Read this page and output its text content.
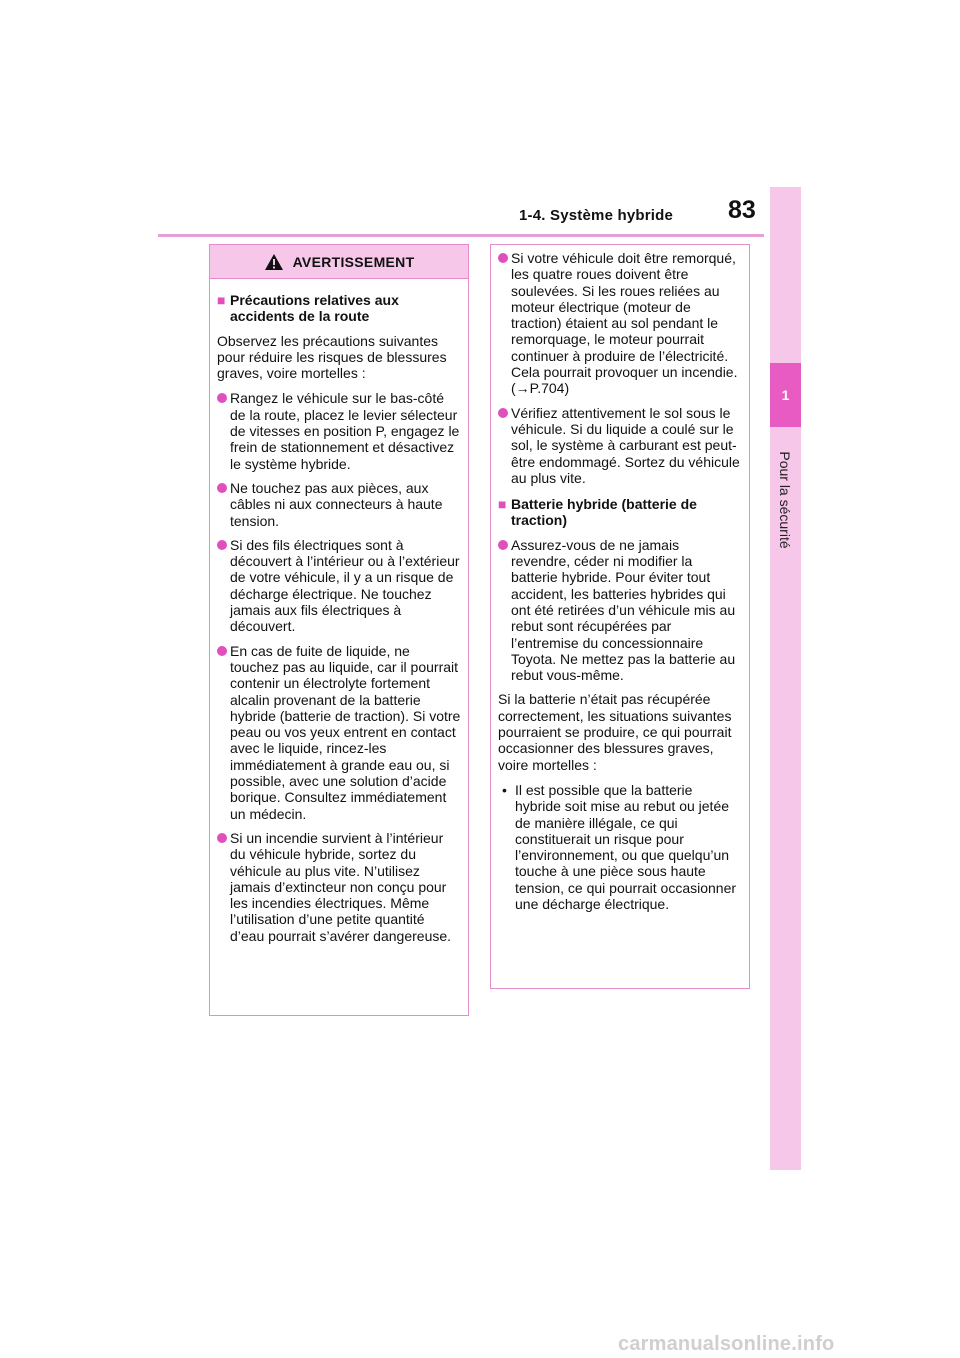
1-4. Système hybride	83
1
Pour la sécurité
AVERTISSEMENT
■ Précautions relatives aux accidents de la route
Observez les précautions suivantes pour réduire les risques de blessures graves, voire mortelles :
Rangez le véhicule sur le bas-côté de la route, placez le levier sélecteur de vitesses en position P, engagez le frein de stationnement et désactivez le système hybride.
Ne touchez pas aux pièces, aux câbles ni aux connecteurs à haute tension.
Si des fils électriques sont à découvert à l’intérieur ou à l’extérieur de votre véhicule, il y a un risque de décharge électrique. Ne touchez jamais aux fils électriques à découvert.
En cas de fuite de liquide, ne touchez pas au liquide, car il pourrait contenir un électrolyte fortement alcalin provenant de la batterie hybride (batterie de traction). Si votre peau ou vos yeux entrent en contact avec le liquide, rincez-les immédiatement à grande eau ou, si possible, avec une solution d’acide borique. Consultez immédiatement un médecin.
Si un incendie survient à l’intérieur du véhicule hybride, sortez du véhicule au plus vite. N’utilisez jamais d’extincteur non conçu pour les incendies électriques. Même l’utilisation d’une petite quantité d’eau pourrait s’avérer dangereuse.
Si votre véhicule doit être remorqué, les quatre roues doivent être soulevées. Si les roues reliées au moteur électrique (moteur de traction) étaient au sol pendant le remorquage, le moteur pourrait continuer à produire de l’électricité. Cela pourrait provoquer un incendie. (→P.704)
Vérifiez attentivement le sol sous le véhicule. Si du liquide a coulé sur le sol, le système à carburant est peut-être endommagé. Sortez du véhicule au plus vite.
■ Batterie hybride (batterie de traction)
Assurez-vous de ne jamais revendre, céder ni modifier la batterie hybride. Pour éviter tout accident, les batteries hybrides qui ont été retirées d’un véhicule mis au rebut sont récupérées par l’entremise du concessionnaire Toyota. Ne mettez pas la batterie au rebut vous-même.
Si la batterie n’était pas récupérée correctement, les situations suivantes pourraient se produire, ce qui pourrait occasionner des blessures graves, voire mortelles :
• Il est possible que la batterie hybride soit mise au rebut ou jetée de manière illégale, ce qui constituerait un risque pour l’environnement, ou que quelqu’un touche à une pièce sous haute tension, ce qui pourrait occasionner une décharge électrique.
carmanualsonline.info
